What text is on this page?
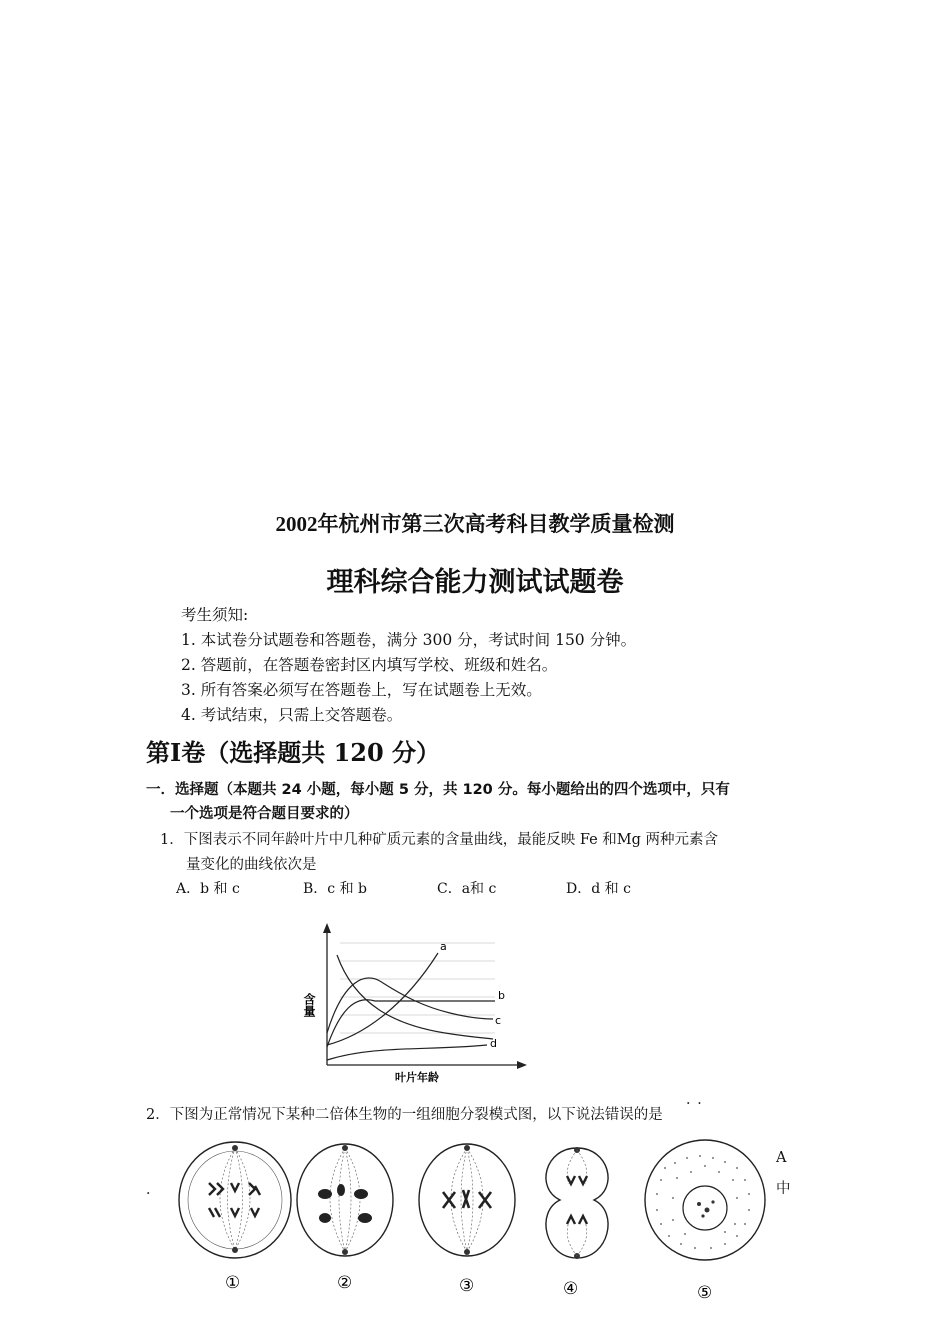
2002年杭州市第三次高考科目教学质量检测
理科综合能力测试试题卷
考生须知:
1. 本试卷分试题卷和答题卷，满分 300 分，考试时间 150 分钟。
2. 答题前，在答题卷密封区内填写学校、班级和姓名。
3. 所有答案必须写在答题卷上，写在试题卷上无效。
4. 考试结束，只需上交答题卷。
第Ⅰ卷（选择题共 120 分）
一．选择题（本题共 24 小题，每小题 5 分，共 120 分。每小题给出的四个选项中，只有
一个选项是符合题目要求的）
1．下图表示不同年龄叶片中几种矿质元素的含量曲线，最能反映 Fe 和Mg 两种元素含
量变化的曲线依次是
A．b 和 c	B．c 和 b	C．a和 c	D．d 和 c
a
b
c
d
含量
叶片年龄
．．
2．下图为正常情况下某种二倍体生物的一组细胞分裂模式图，以下说法错误的是
．
A
中
①	②	③	④	⑤
